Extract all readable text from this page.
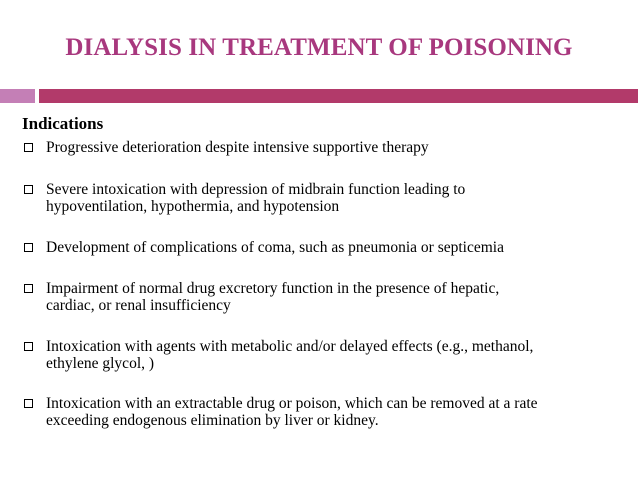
DIALYSIS IN TREATMENT OF POISONING
Indications
Progressive deterioration despite intensive supportive therapy
Severe intoxication with depression of midbrain function leading to
hypoventilation, hypothermia, and hypotension
Development of complications of coma, such as pneumonia or septicemia
Impairment of normal drug excretory function in the presence of hepatic,
cardiac, or renal insufficiency
Intoxication with agents with metabolic and/or delayed effects (e.g., methanol,
ethylene glycol, )
Intoxication with an extractable drug or poison, which can be removed at a rate
exceeding endogenous elimination by liver or kidney.
